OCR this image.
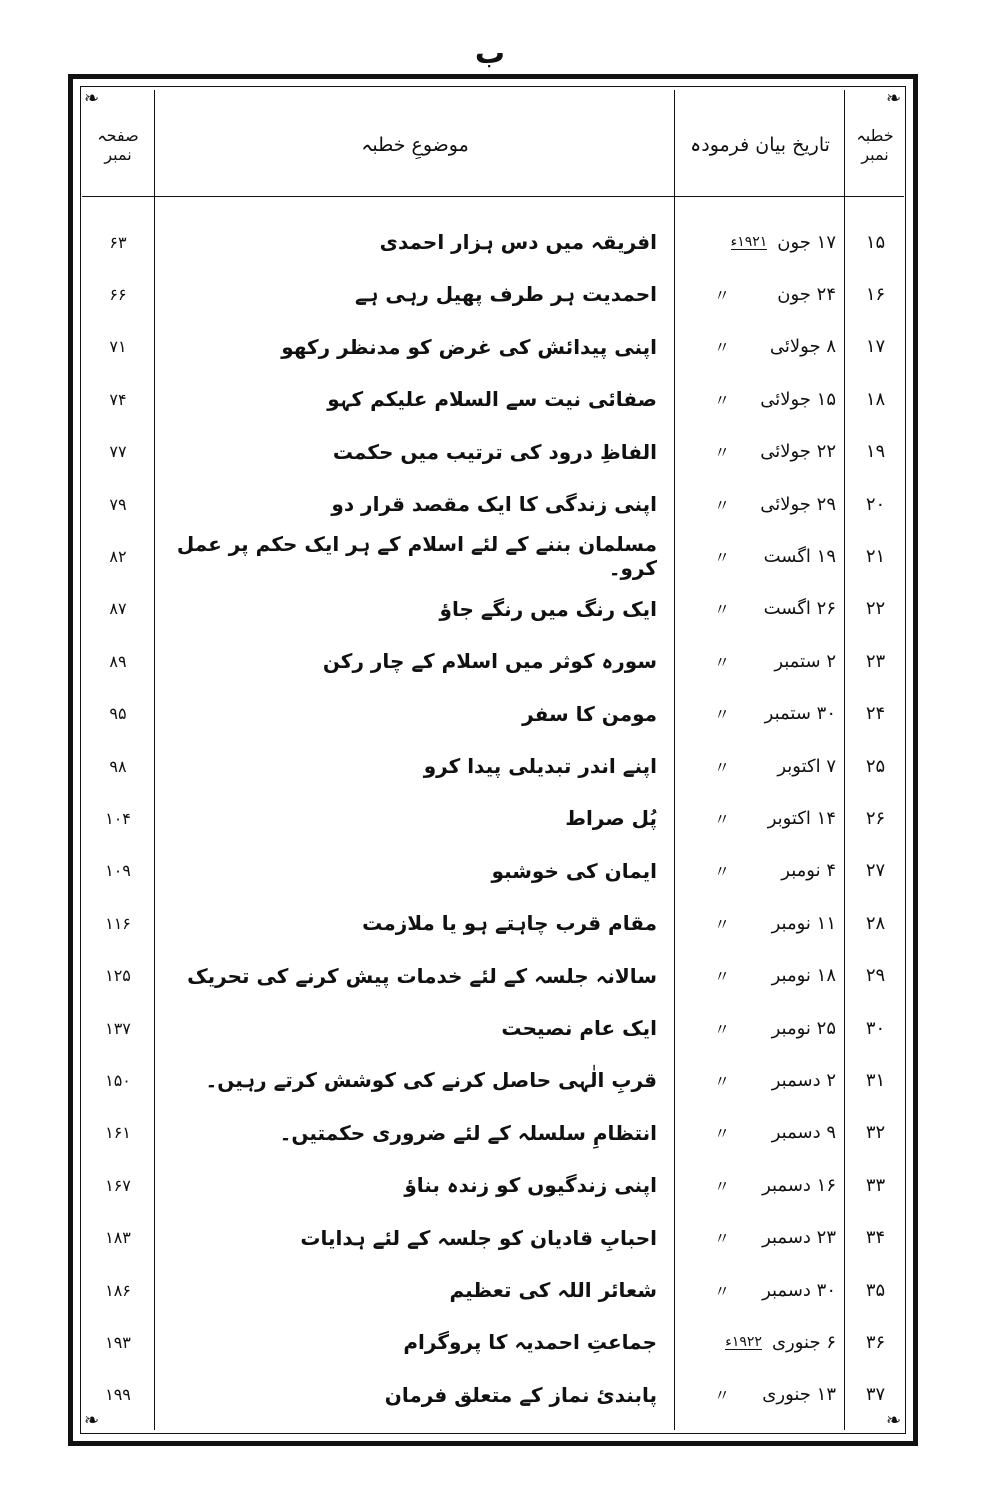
ب
❧	❧
❧	❧
خطبہ نمبر
تاریخ بیان فرمودہ
موضوعِ خطبہ
صفحہ نمبر
۱۵
۱۷ جون
۱۹۲۱ء
افریقہ میں دس ہزار احمدی
۶۳
۱۶
۲۴ جون
〃
احمدیت ہر طرف پھیل رہی ہے
۶۶
۱۷
۸ جولائی
〃
اپنی پیدائش کی غرض کو مدنظر رکھو
۷۱
۱۸
۱۵ جولائی
〃
صفائی نیت سے السلام علیکم کہو
۷۴
۱۹
۲۲ جولائی
〃
الفاظِ درود کی ترتیب میں حکمت
۷۷
۲۰
۲۹ جولائی
〃
اپنی زندگی کا ایک مقصد قرار دو
۷۹
۲۱
۱۹ اگست
〃
مسلمان بننے کے لئے اسلام کے ہر ایک حکم پر عمل کرو۔
۸۲
۲۲
۲۶ اگست
〃
ایک رنگ میں رنگے جاؤ
۸۷
۲۳
۲ ستمبر
〃
سورہ کوثر میں اسلام کے چار رکن
۸۹
۲۴
۳۰ ستمبر
〃
مومن کا سفر
۹۵
۲۵
۷ اکتوبر
〃
اپنے اندر تبدیلی پیدا کرو
۹۸
۲۶
۱۴ اکتوبر
〃
پُل صراط
۱۰۴
۲۷
۴ نومبر
〃
ایمان کی خوشبو
۱۰۹
۲۸
۱۱ نومبر
〃
مقام قرب چاہتے ہو یا ملازمت
۱۱۶
۲۹
۱۸ نومبر
〃
سالانہ جلسہ کے لئے خدمات پیش کرنے کی تحریک
۱۲۵
۳۰
۲۵ نومبر
〃
ایک عام نصیحت
۱۳۷
۳۱
۲ دسمبر
〃
قربِ الٰہی حاصل کرنے کی کوشش کرتے رہیں۔
۱۵۰
۳۲
۹ دسمبر
〃
انتظامِ سلسلہ کے لئے ضروری حکمتیں۔
۱۶۱
۳۳
۱۶ دسمبر
〃
اپنی زندگیوں کو زندہ بناؤ
۱۶۷
۳۴
۲۳ دسمبر
〃
احبابِ قادیان کو جلسہ کے لئے ہدایات
۱۸۳
۳۵
۳۰ دسمبر
〃
شعائر اللہ کی تعظیم
۱۸۶
۳۶
۶ جنوری
۱۹۲۲ء
جماعتِ احمدیہ کا پروگرام
۱۹۳
۳۷
۱۳ جنوری
〃
پابندیٔ نماز کے متعلق فرمان
۱۹۹
